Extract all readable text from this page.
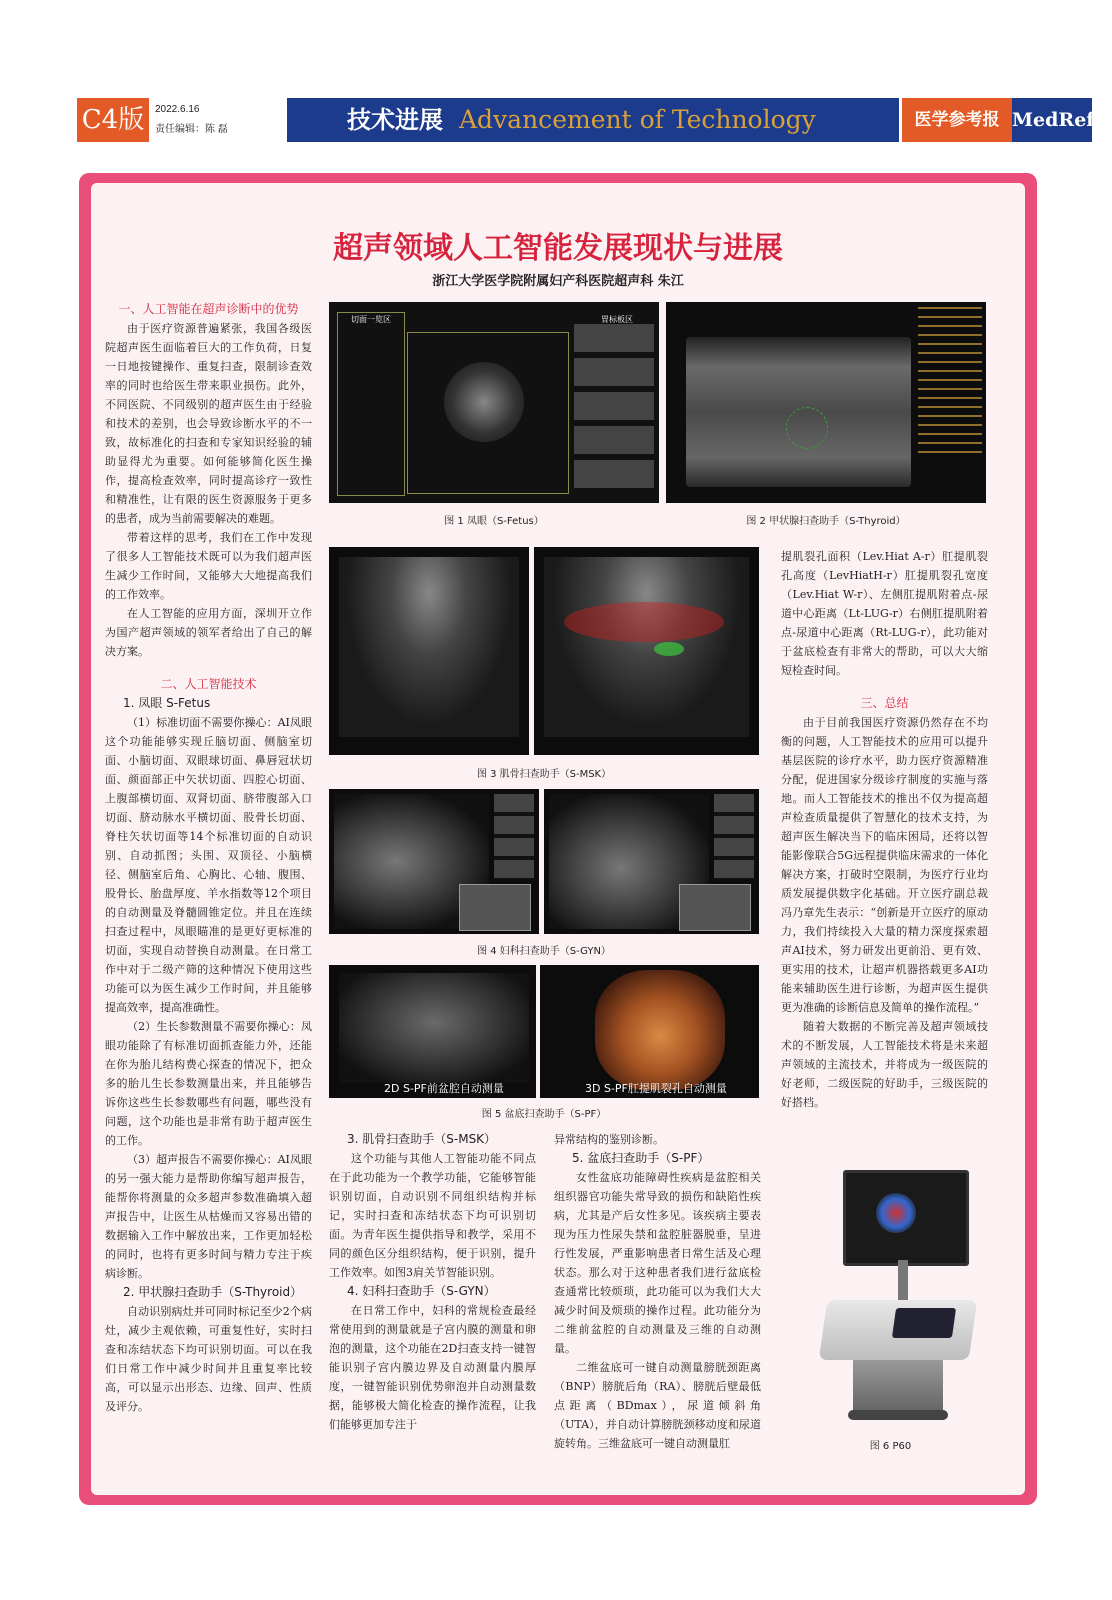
C4版	2022.6.16
责任编辑：陈 磊	技术进展 Advancement of Technology	医学参考报 MedRef
超声领域人工智能发展现状与进展
浙江大学医学院附属妇产科医院超声科 朱江
一、人工智能在超声诊断中的优势

由于医疗资源普遍紧张，我国各级医院超声医生面临着巨大的工作负荷，日复一日地按键操作、重复扫查，限制诊查效率的同时也给医生带来职业损伤。此外，不同医院、不同级别的超声医生由于经验和技术的差别，也会导致诊断水平的不一致，故标准化的扫查和专家知识经验的辅助显得尤为重要。如何能够简化医生操作，提高检查效率，同时提高诊疗一致性和精准性，让有限的医生资源服务于更多的患者，成为当前需要解决的难题。

带着这样的思考，我们在工作中发现了很多人工智能技术既可以为我们超声医生减少工作时间，又能够大大地提高我们的工作效率。

在人工智能的应用方面，深圳开立作为国产超声领域的领军者给出了自己的解决方案。

二、人工智能技术
1. 凤眼 S-Fetus

（1）标准切面不需要你操心：AI凤眼这个功能能够实现丘脑切面、侧脑室切面、小脑切面、双眼球切面、鼻唇冠状切面、颜面部正中矢状切面、四腔心切面、上腹部横切面、双肾切面、脐带腹部入口切面、脐动脉水平横切面、股骨长切面、脊柱矢状切面等14个标准切面的自动识别、自动抓图；头围、双顶径、小脑横径、侧脑室后角、心胸比、心轴、腹围、股骨长、胎盘厚度、羊水指数等12个项目的自动测量及脊髓圆锥定位。并且在连续扫查过程中，凤眼瞄准的是更好更标准的切面，实现自动替换自动测量。在日常工作中对于二级产筛的这种情况下使用这些功能可以为医生减少工作时间，并且能够提高效率，提高准确性。

（2）生长参数测量不需要你操心：凤眼功能除了有标准切面抓查能力外，还能在你为胎儿结构费心探查的情况下，把众多的胎儿生长参数测量出来，并且能够告诉你这些生长参数哪些有问题，哪些没有问题，这个功能也是非常有助于超声医生的工作。

（3）超声报告不需要你操心：AI凤眼的另一强大能力是帮助你编写超声报告，能帮你将测量的众多超声参数准确填入超声报告中，让医生从枯燥而又容易出错的数据输入工作中解放出来，工作更加轻松的同时，也将有更多时间与精力专注于疾病诊断。

2. 甲状腺扫查助手（S-Thyroid）

自动识别病灶并可同时标记至少2个病灶，减少主观依赖，可重复性好，实时扫查和冻结状态下均可识别切面。可以在我们日常工作中减少时间并且重复率比较高，可以显示出形态、边缘、回声、性质及评分。

切面一览区	胃标板区
图 1 凤眼（S-Fetus）	图 2 甲状腺扫查助手（S-Thyroid）
图 3 肌骨扫查助手（S-MSK）
图 4 妇科扫查助手（S-GYN）
2D S-PF前盆腔自动测量	3D S-PF肛提肌裂孔自动测量
图 5 盆底扫查助手（S-PF）
3. 肌骨扫查助手（S-MSK）

这个功能与其他人工智能功能不同点在于此功能为一个教学功能，它能够智能识别切面，自动识别不同组织结构并标记，实时扫查和冻结状态下均可识别切面。为青年医生提供指导和教学，采用不同的颜色区分组织结构，便于识别，提升工作效率。如图3肩关节智能识别。

4. 妇科扫查助手（S-GYN）

在日常工作中，妇科的常规检查最经常使用到的测量就是子宫内膜的测量和卵泡的测量，这个功能在2D扫查支持一键智能识别子宫内膜边界及自动测量内膜厚度，一键智能识别优势卵泡并自动测量数据，能够极大简化检查的操作流程，让我们能够更加专注于

异常结构的鉴别诊断。

5. 盆底扫查助手（S-PF）

女性盆底功能障碍性疾病是盆腔相关组织器官功能失常导致的损伤和缺陷性疾病，尤其是产后女性多见。该疾病主要表现为压力性尿失禁和盆腔脏器脱垂，呈进行性发展，严重影响患者日常生活及心理状态。那么对于这种患者我们进行盆底检查通常比较烦琐，此功能可以为我们大大减少时间及烦琐的操作过程。此功能分为二维前盆腔的自动测量及三维的自动测量。

二维盆底可一键自动测量膀胱颈距离（BNP）膀胱后角（RA）、膀胱后壁最低点距离（BDmax），尿道倾斜角（UTA），并自动计算膀胱颈移动度和尿道旋转角。三维盆底可一键自动测量肛

提肌裂孔面积（Lev.Hiat A-r）肛提肌裂孔高度（LevHiatH-r）肛提肌裂孔宽度（Lev.Hiat W-r）、左侧肛提肌附着点-尿道中心距离（Lt-LUG-r）右侧肛提肌附着点-尿道中心距离（Rt-LUG-r），此功能对于盆底检查有非常大的帮助，可以大大缩短检查时间。

三、总结

由于目前我国医疗资源仍然存在不均衡的问题，人工智能技术的应用可以提升基层医院的诊疗水平，助力医疗资源精准分配，促进国家分级诊疗制度的实施与落地。而人工智能技术的推出不仅为提高超声检查质量提供了智慧化的技术支持，为超声医生解决当下的临床困局，还将以智能影像联合5G远程提供临床需求的一体化解决方案，打破时空限制，为医疗行业均质发展提供数字化基础。开立医疗副总裁冯乃章先生表示：“创新是开立医疗的原动力，我们持续投入大量的精力深度探索超声AI技术，努力研发出更前沿、更有效、更实用的技术，让超声机器搭载更多AI功能来辅助医生进行诊断，为超声医生提供更为准确的诊断信息及简单的操作流程。”

随着大数据的不断完善及超声领域技术的不断发展，人工智能技术将是未来超声领域的主流技术，并将成为一级医院的好老师，二级医院的好助手，三级医院的好搭档。

图 6 P60
